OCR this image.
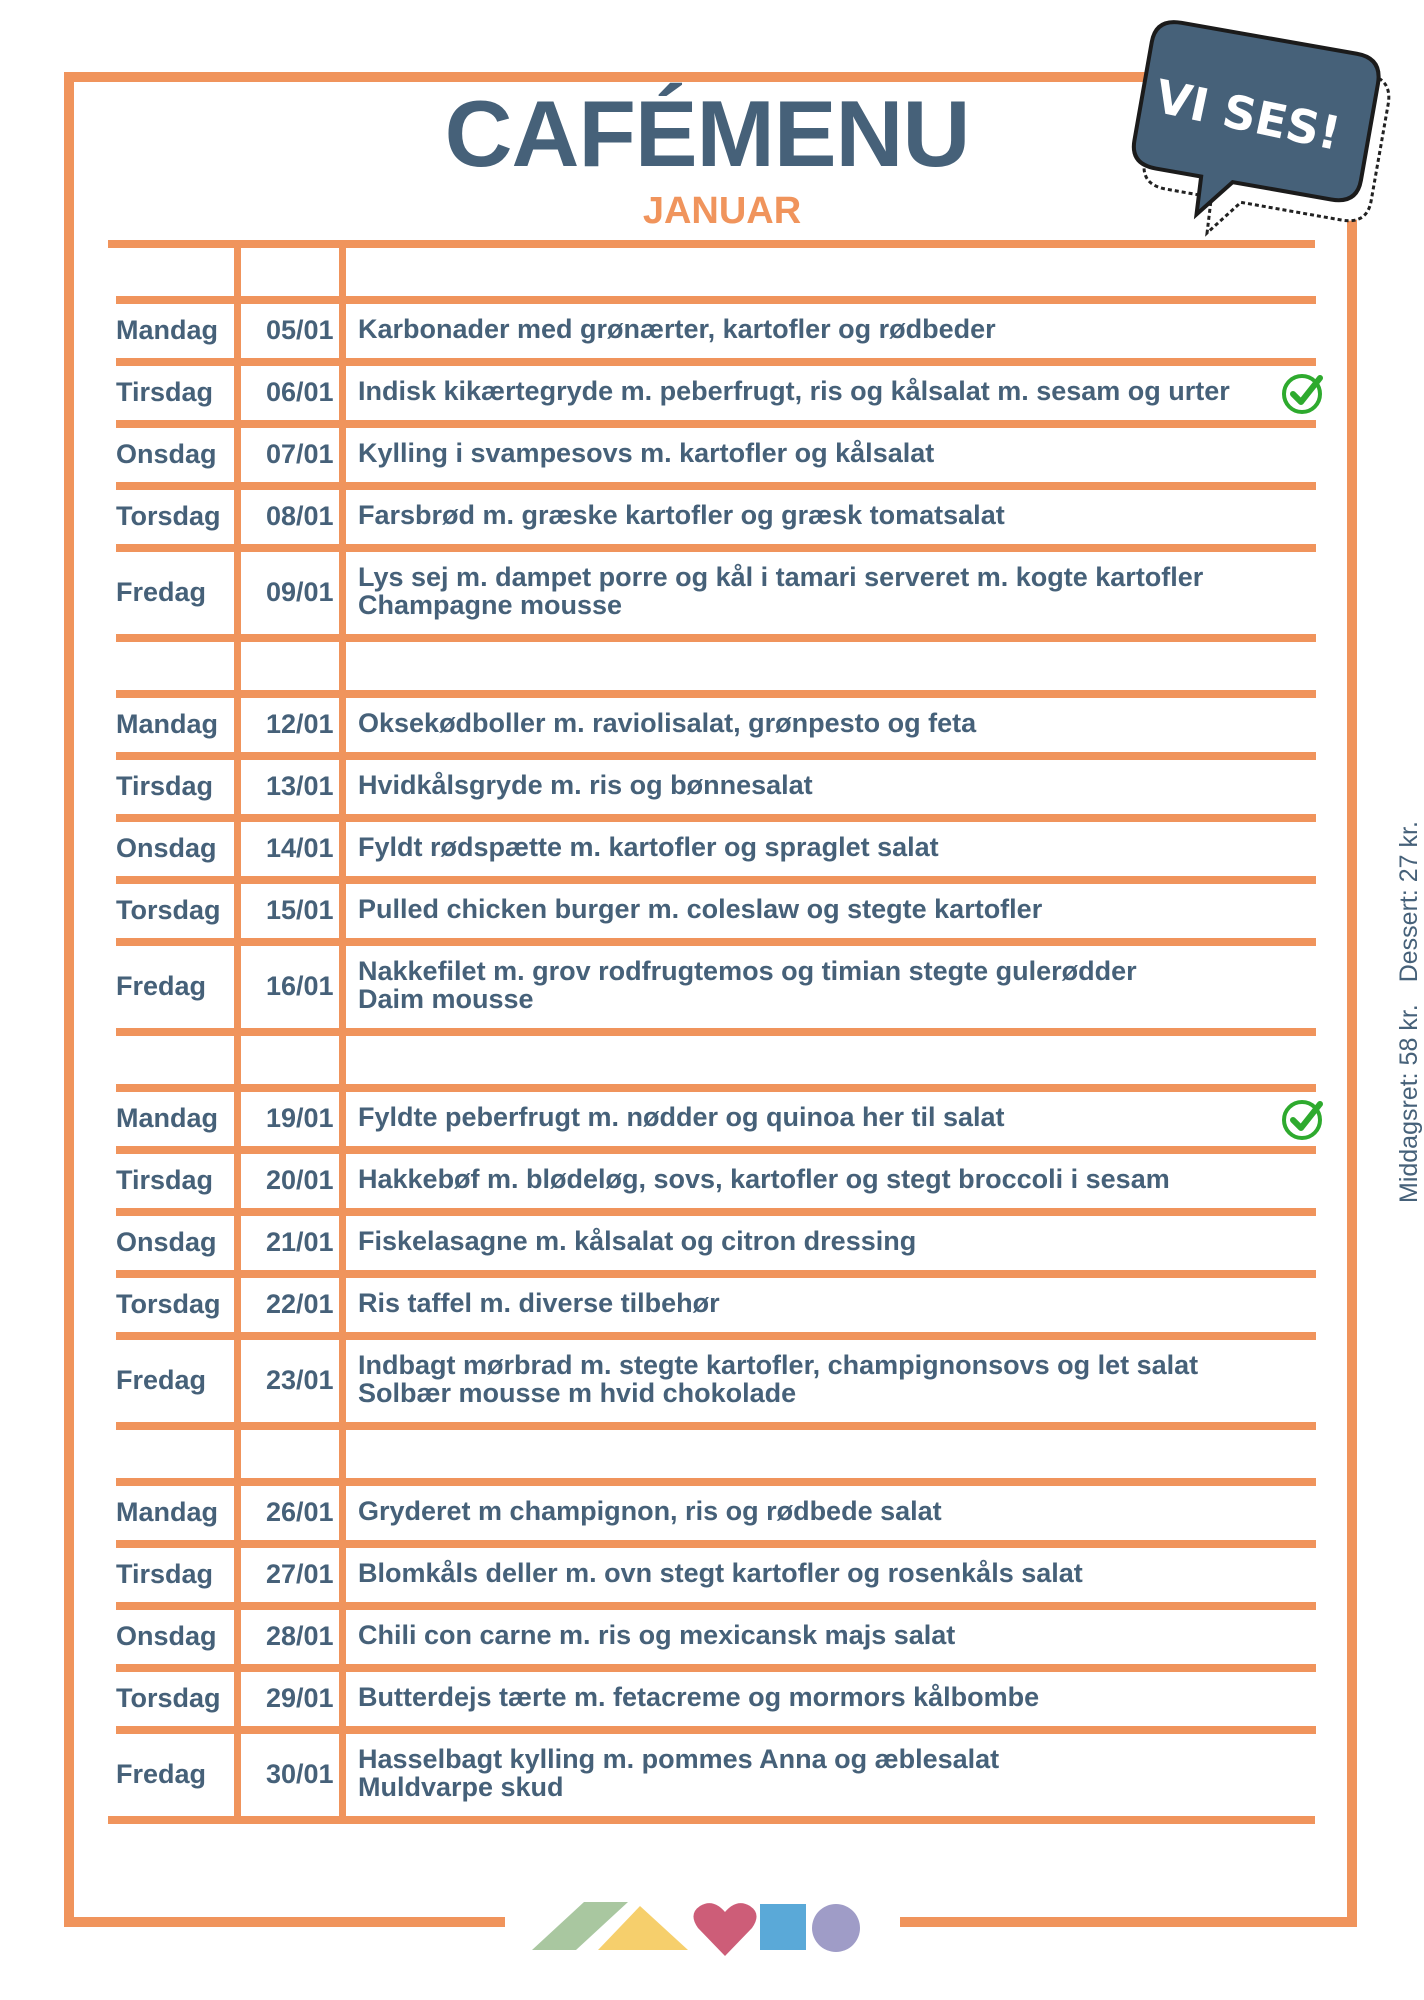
CAFÉMENU
JANUAR
VI SES!
Mandag 05/01 Karbonader med grønærter, kartofler og rødbeder
Tirsdag 06/01 Indisk kikærtegryde m. peberfrugt, ris og kålsalat m. sesam og urter
Onsdag 07/01 Kylling i svampesovs m. kartofler og kålsalat
Torsdag 08/01 Farsbrød m. græske kartofler og græsk tomatsalat
Fredag 09/01 Lys sej m. dampet porre og kål i tamari serveret m. kogte kartofler
Champagne mousse
Mandag 12/01 Oksekødboller m. raviolisalat, grønpesto og feta
Tirsdag 13/01 Hvidkålsgryde m. ris og bønnesalat
Onsdag 14/01 Fyldt rødspætte m. kartofler og spraglet salat
Torsdag 15/01 Pulled chicken burger m. coleslaw og stegte kartofler
Fredag 16/01 Nakkefilet m. grov rodfrugtemos og timian stegte gulerødder
Daim mousse
Mandag 19/01 Fyldte peberfrugt m. nødder og quinoa her til salat
Tirsdag 20/01 Hakkebøf m. blødeløg, sovs, kartofler og stegt broccoli i sesam
Onsdag 21/01 Fiskelasagne m. kålsalat og citron dressing
Torsdag 22/01 Ris taffel m. diverse tilbehør
Fredag 23/01 Indbagt mørbrad m. stegte kartofler, champignonsovs og let salat
Solbær mousse m hvid chokolade
Mandag 26/01 Gryderet m champignon, ris og rødbede salat
Tirsdag 27/01 Blomkåls deller m. ovn stegt kartofler og rosenkåls salat
Onsdag 28/01 Chili con carne m. ris og mexicansk majs salat
Torsdag 29/01 Butterdejs tærte m. fetacreme og mormors kålbombe
Fredag 30/01 Hasselbagt kylling m. pommes Anna og æblesalat
Muldvarpe skud
Middagsret: 58 kr.Dessert: 27 kr.
